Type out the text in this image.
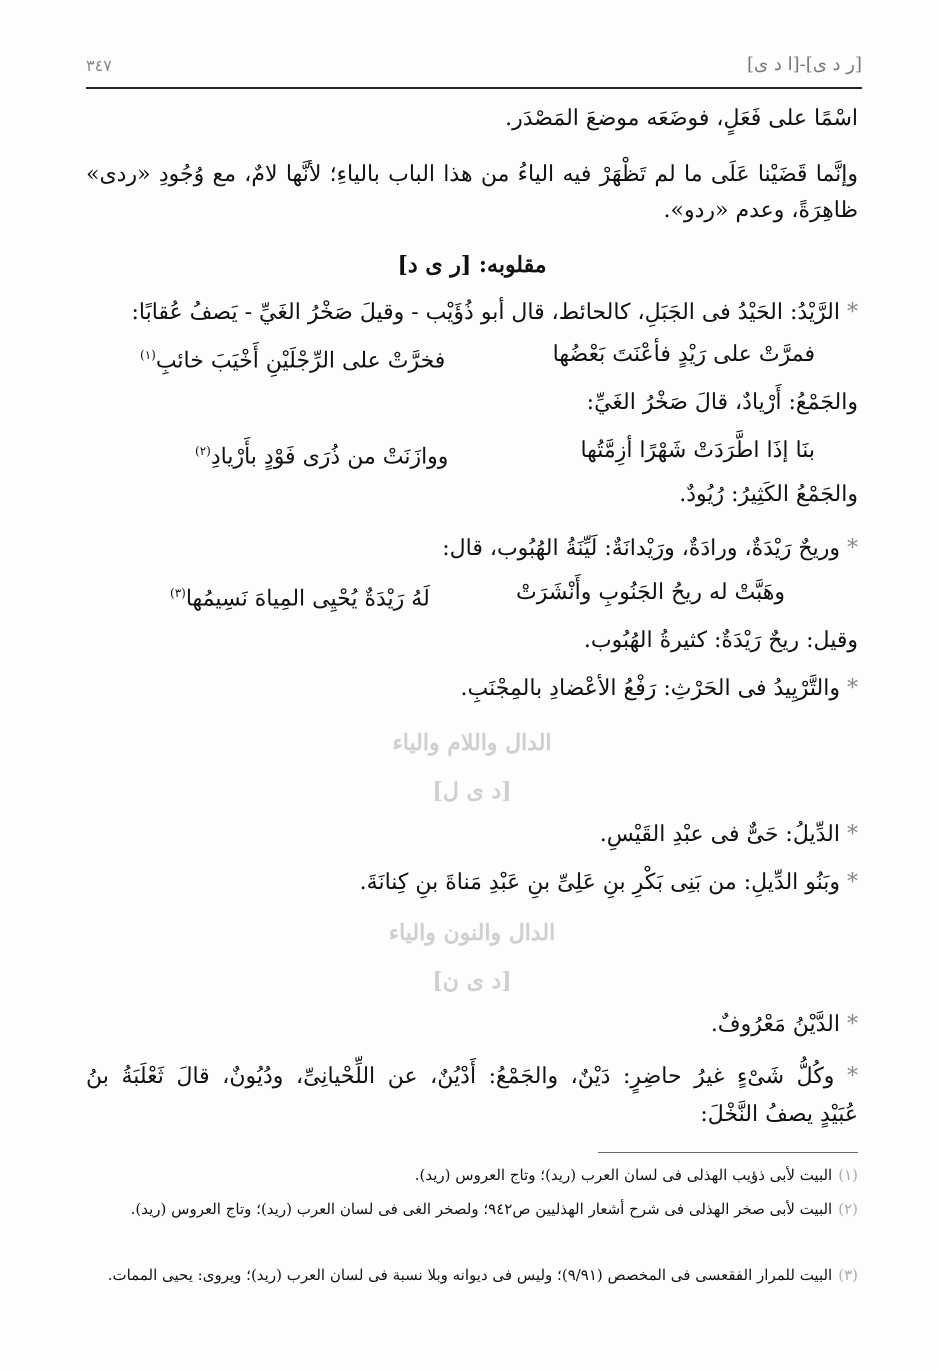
[ر د ى]-[ا د ى]
٣٤٧
اسْمًا على فَعَلٍ، فوضَعَه موضعَ المَصْدَر.
وإنَّما قَضَيْنا عَلَى ما لم تَظْهَرْ فيه الياءُ من هذا الباب بالياءِ؛ لأنَّها لامٌ، مع وُجُودِ «ردى»
ظاهِرَةً، وعدم «ردو».
مقلوبه: [ر ى د]
* الرَّيْدُ: الحَيْدُ فى الجَبَلِ، كالحائط، قال أبو ذُؤَيْب - وقيلَ صَخْرُ الغَيِّ - يَصفُ عُقابًا:
فمرَّتْ على رَيْدٍ فأعْنَتَ بَعْضُها
فخرَّتْ على الرِّجْلَيْنِ أَخْيَبَ خائبِ$^{(١)}$
والجَمْعُ: أَرْيادٌ، قالَ صَخْرُ الغَيِّ:
بنَا إذَا اطَّرَدَتْ شَهْرًا أزِمَّتُها
ووازَنَتْ من ذُرَى فَوْدٍ بأَرْيادِ$^{(٢)}$
والجَمْعُ الكَثِيرُ: رُيُودٌ.
* وريحٌ رَيْدَةٌ، ورادَةٌ، ورَيْدانَةٌ: لَيِّنَةُ الهُبُوب، قال:
وهَبَّتْ له ريحُ الجَنُوبِ وأَنْشَرَتْ
لَهُ رَيْدَةٌ يُحْيِى المِياهَ نَسِيمُها$^{(٣)}$
وقيل: ريحٌ رَيْدَةٌ: كثيرةُ الهُبُوب.
* والتَّرْيِيدُ فى الحَرْثِ: رَفْعُ الأعْضادِ بالمِجْنَبِ.
الدال واللام والياء
[د ى ل]
* الدِّيلُ: حَىٌّ فى عبْدِ القَيْسِ.
* وبَنُو الدِّيلِ: من بَنِى بَكْرِ بنِ عَلِىِّ بنِ عَبْدِ مَناةَ بنِ كِنانَةَ.
الدال والنون والياء
[د ى ن]
* الدَّيْنُ مَعْرُوفٌ.
* وكُلُّ شَىْءٍ غيرُ حاضِرٍ: دَيْنٌ، والجَمْعُ: أَدْيُنٌ، عن اللِّحْيانِىِّ، ودُيُونٌ، قالَ ثَعْلَبَةُ بنُ
عُبَيْدٍ يصفُ النَّخْلَ:
(١)البيت لأبى ذؤيب الهذلى فى لسان العرب (ريد)؛ وتاج العروس (ريد).
(٢)البيت لأبى صخر الهذلى فى شرح أشعار الهذليين ص٩٤٢؛ ولصخر الغى فى لسان العرب (ريد)؛ وتاج العروس (ريد).
(٣)البيت للمرار الفقعسى فى المخصص (٩/٩١)؛ وليس فى ديوانه وبلا نسبة فى لسان العرب (ريد)؛ ويروى: يحيى الممات.
